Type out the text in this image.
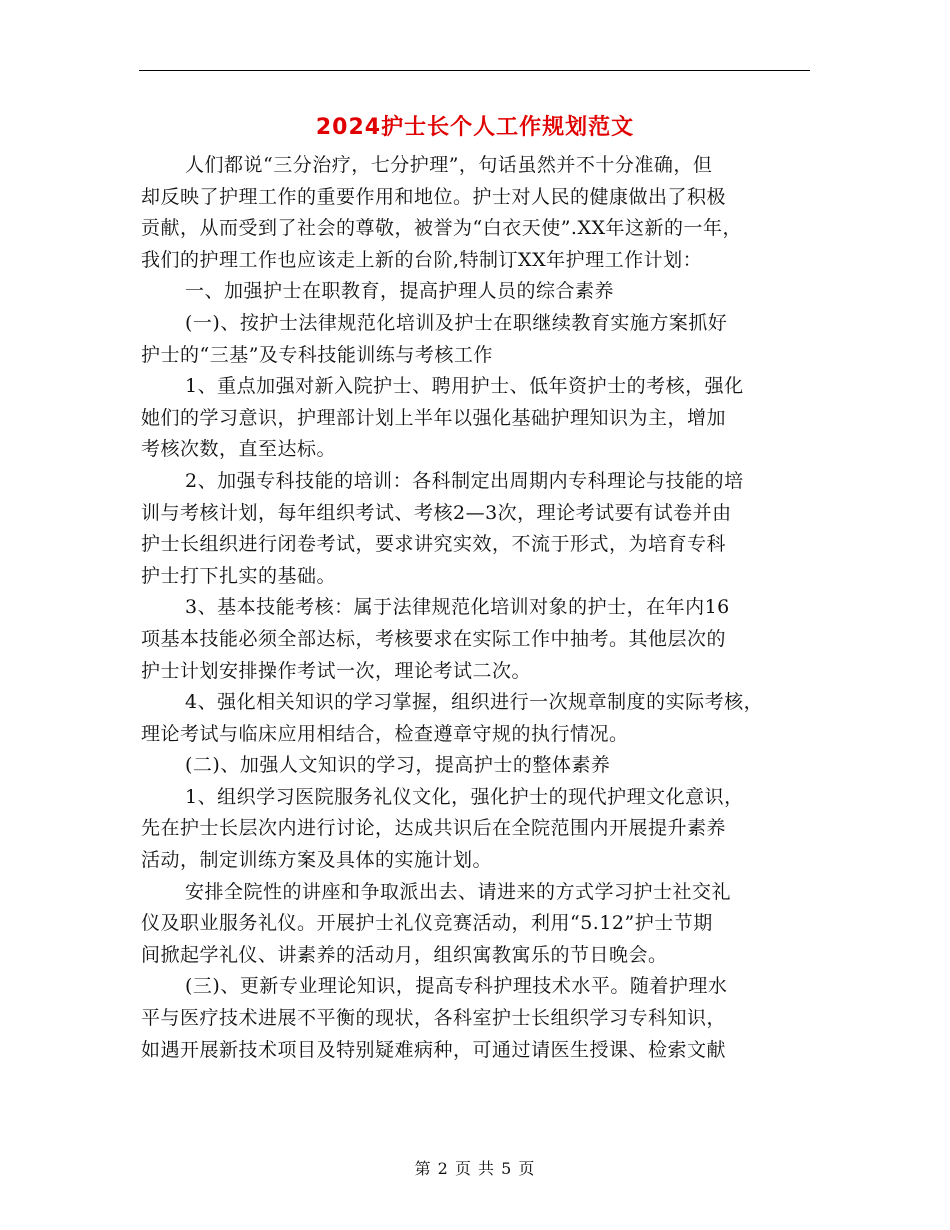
2024护士长个人工作规划范文
人们都说“三分治疗，七分护理”，句话虽然并不十分准确，但
却反映了护理工作的重要作用和地位。护士对人民的健康做出了积极
贡献，从而受到了社会的尊敬，被誉为“白衣天使”.XX年这新的一年，
我们的护理工作也应该走上新的台阶,特制订XX年护理工作计划：
一、加强护士在职教育，提高护理人员的综合素养
(一)、按护士法律规范化培训及护士在职继续教育实施方案抓好
护士的“三基”及专科技能训练与考核工作
1、重点加强对新入院护士、聘用护士、低年资护士的考核，强化
她们的学习意识，护理部计划上半年以强化基础护理知识为主，增加
考核次数，直至达标。
2、加强专科技能的培训：各科制定出周期内专科理论与技能的培
训与考核计划，每年组织考试、考核2—3次，理论考试要有试卷并由
护士长组织进行闭卷考试，要求讲究实效，不流于形式，为培育专科
护士打下扎实的基础。
3、基本技能考核：属于法律规范化培训对象的护士，在年内16
项基本技能必须全部达标，考核要求在实际工作中抽考。其他层次的
护士计划安排操作考试一次，理论考试二次。
4、强化相关知识的学习掌握，组织进行一次规章制度的实际考核，
理论考试与临床应用相结合，检查遵章守规的执行情况。
(二)、加强人文知识的学习，提高护士的整体素养
1、组织学习医院服务礼仪文化，强化护士的现代护理文化意识，
先在护士长层次内进行讨论，达成共识后在全院范围内开展提升素养
活动，制定训练方案及具体的实施计划。
安排全院性的讲座和争取派出去、请进来的方式学习护士社交礼
仪及职业服务礼仪。开展护士礼仪竞赛活动，利用“5.12”护士节期
间掀起学礼仪、讲素养的活动月，组织寓教寓乐的节日晚会。
(三)、更新专业理论知识，提高专科护理技术水平。随着护理水
平与医疗技术进展不平衡的现状，各科室护士长组织学习专科知识，
如遇开展新技术项目及特别疑难病种，可通过请医生授课、检索文献
第 2 页 共 5 页
